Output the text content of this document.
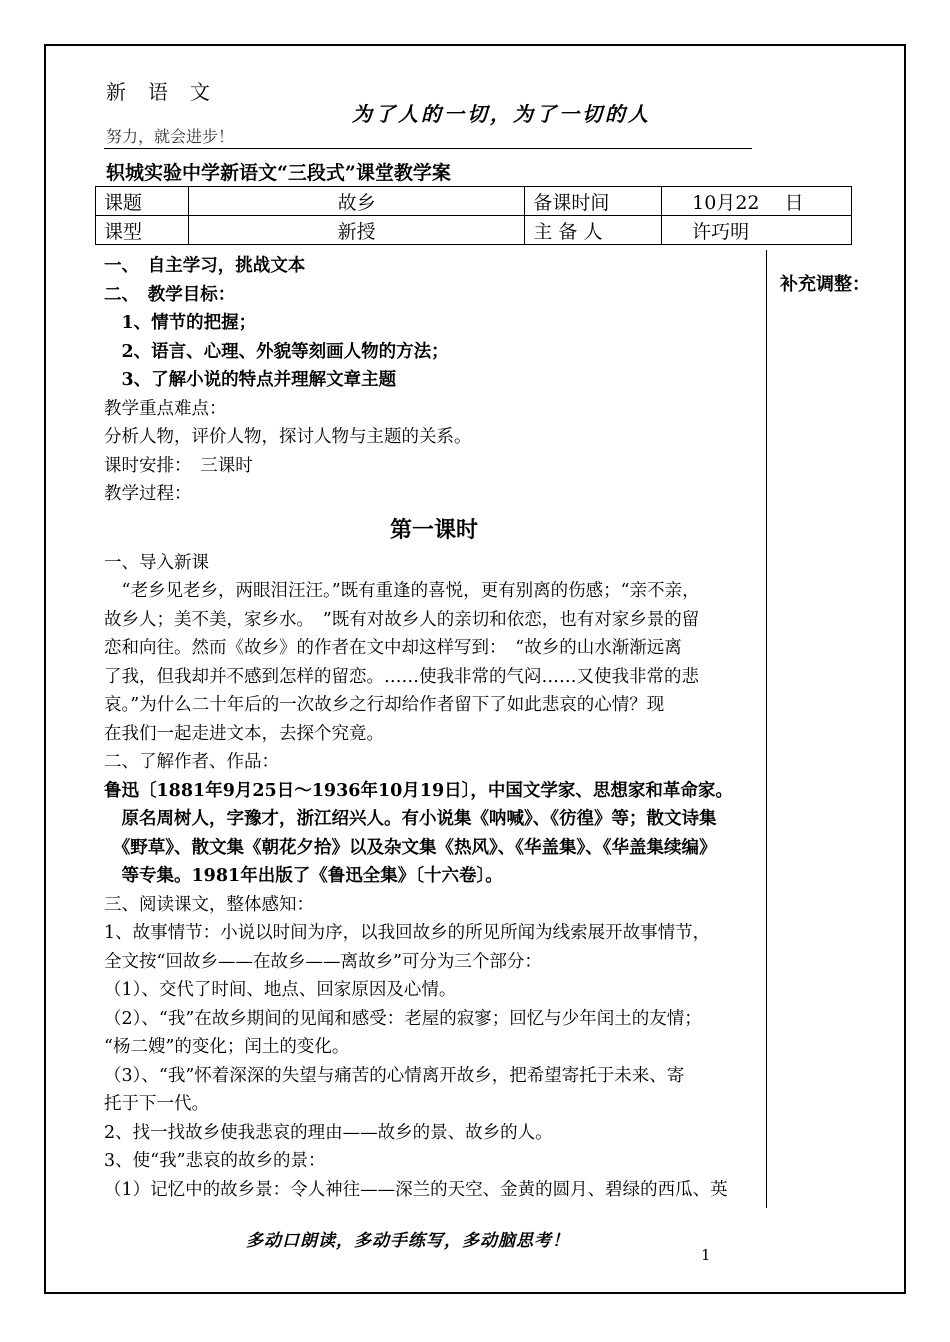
新语文
为了人的一切，为了一切的人
努力，就会进步！
轵城实验中学新语文“三段式”课堂教学案
课题	故乡	备课时间	10月22　 日
课型	新授	主 备 人	许巧明
补充调整：
一、　自主学习，挑战文本
二、　教学目标：
　1、情节的把握；
　2、语言、心理、外貌等刻画人物的方法；
　3、了解小说的特点并理解文章主题
教学重点难点：
分析人物，评价人物，探讨人物与主题的关系。
课时安排：　三课时
教学过程：
第一课时
一、导入新课
　“老乡见老乡，两眼泪汪汪。”既有重逢的喜悦，更有别离的伤感；“亲不亲，
故乡人；美不美，家乡水。　”既有对故乡人的亲切和依恋，也有对家乡景的留
恋和向往。然而《故乡》的作者在文中却这样写到：　“故乡的山水渐渐远离
了我，但我却并不感到怎样的留恋。……使我非常的气闷……又使我非常的悲
哀。”为什么二十年后的一次故乡之行却给作者留下了如此悲哀的心情？现
在我们一起走进文本，去探个究竟。
二、了解作者、作品：
鲁迅〔1881年9月25日～1936年10月19日〕，中国文学家、思想家和革命家。
　原名周树人，字豫才，浙江绍兴人。有小说集《呐喊》、《彷徨》等；散文诗集
　《野草》、散文集《朝花夕拾》以及杂文集《热风》、《华盖集》、《华盖集续编》
　等专集。1981年出版了《鲁迅全集》〔十六卷〕。
三、阅读课文，整体感知：
1、故事情节：小说以时间为序，以我回故乡的所见所闻为线索展开故事情节，
全文按“回故乡——在故乡——离故乡”可分为三个部分：
（1）、交代了时间、地点、回家原因及心情。
（2）、“我”在故乡期间的见闻和感受：老屋的寂寥；回忆与少年闰土的友情；
“杨二嫂”的变化；闰土的变化。
（3）、“我”怀着深深的失望与痛苦的心情离开故乡，把希望寄托于未来、寄
托于下一代。
2、找一找故乡使我悲哀的理由——故乡的景、故乡的人。
3、使“我”悲哀的故乡的景：
（1）记忆中的故乡景：令人神往——深兰的天空、金黄的圆月、碧绿的西瓜、英
多动口朗读，多动手练写，多动脑思考！
1
